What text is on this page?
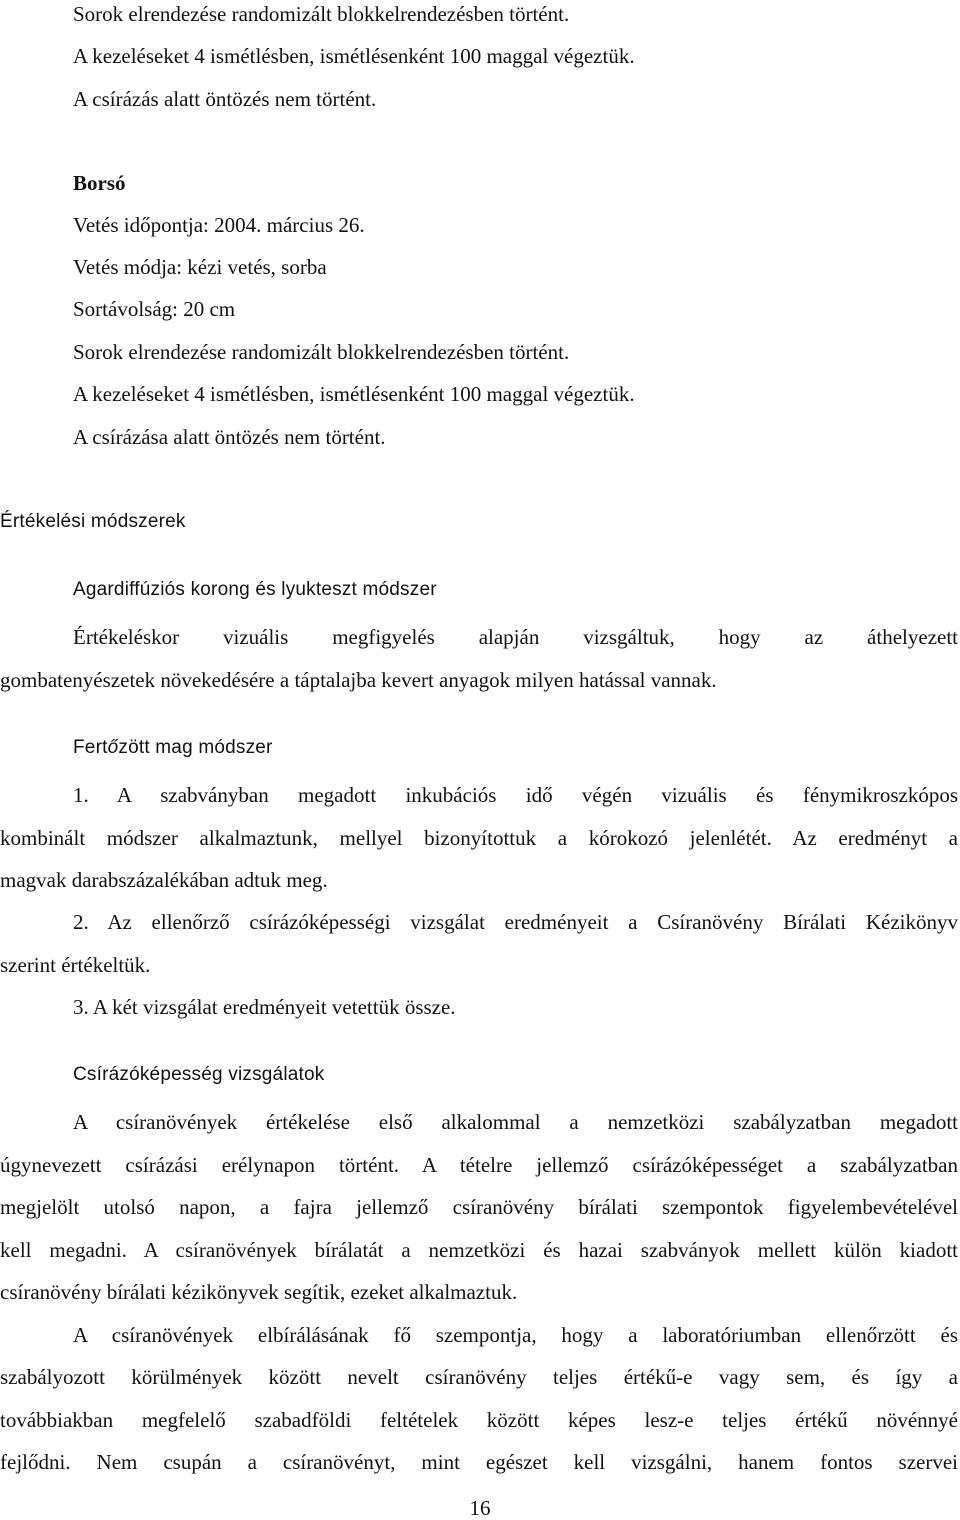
Sorok elrendezése randomizált blokkelrendezésben történt.
A kezeléseket 4 ismétlésben, ismétlésenként 100 maggal végeztük.
A csírázás alatt öntözés nem történt.
Borsó
Vetés időpontja: 2004. március 26.
Vetés módja: kézi vetés, sorba
Sortávolság: 20 cm
Sorok elrendezése randomizált blokkelrendezésben történt.
A kezeléseket 4 ismétlésben, ismétlésenként 100 maggal végeztük.
A csírázása alatt öntözés nem történt.
Értékelési módszerek
Agardiffúziós korong és lyukteszt módszer
Értékeléskor vizuális megfigyelés alapján vizsgáltuk, hogy az áthelyezett
gombatenyészetek növekedésére a táptalajba kevert anyagok milyen hatással vannak.
Fertőzött mag módszer
1. A szabványban megadott inkubációs idő végén vizuális és fénymikroszkópos
kombinált módszer alkalmaztunk, mellyel bizonyítottuk a kórokozó jelenlétét. Az eredményt a
magvak darabszázalékában adtuk meg.
2. Az ellenőrző csírázóképességi vizsgálat eredményeit a Csíranövény Bírálati Kézikönyv
szerint értékeltük.
3. A két vizsgálat eredményeit vetettük össze.
Csírázóképesség vizsgálatok
A csíranövények értékelése első alkalommal a nemzetközi szabályzatban megadott
úgynevezett csírázási erélynapon történt. A tételre jellemző csírázóképességet a szabályzatban
megjelölt utolsó napon, a fajra jellemző csíranövény bírálati szempontok figyelembevételével
kell megadni. A csíranövények bírálatát a nemzetközi és hazai szabványok mellett külön kiadott
csíranövény bírálati kézikönyvek segítik, ezeket alkalmaztuk.
A csíranövények elbírálásának fő szempontja, hogy a laboratóriumban ellenőrzött és
szabályozott körülmények között nevelt csíranövény teljes értékű-e vagy sem, és így a
továbbiakban megfelelő szabadföldi feltételek között képes lesz-e teljes értékű növénnyé
fejlődni. Nem csupán a csíranövényt, mint egészet kell vizsgálni, hanem fontos szervei
16
